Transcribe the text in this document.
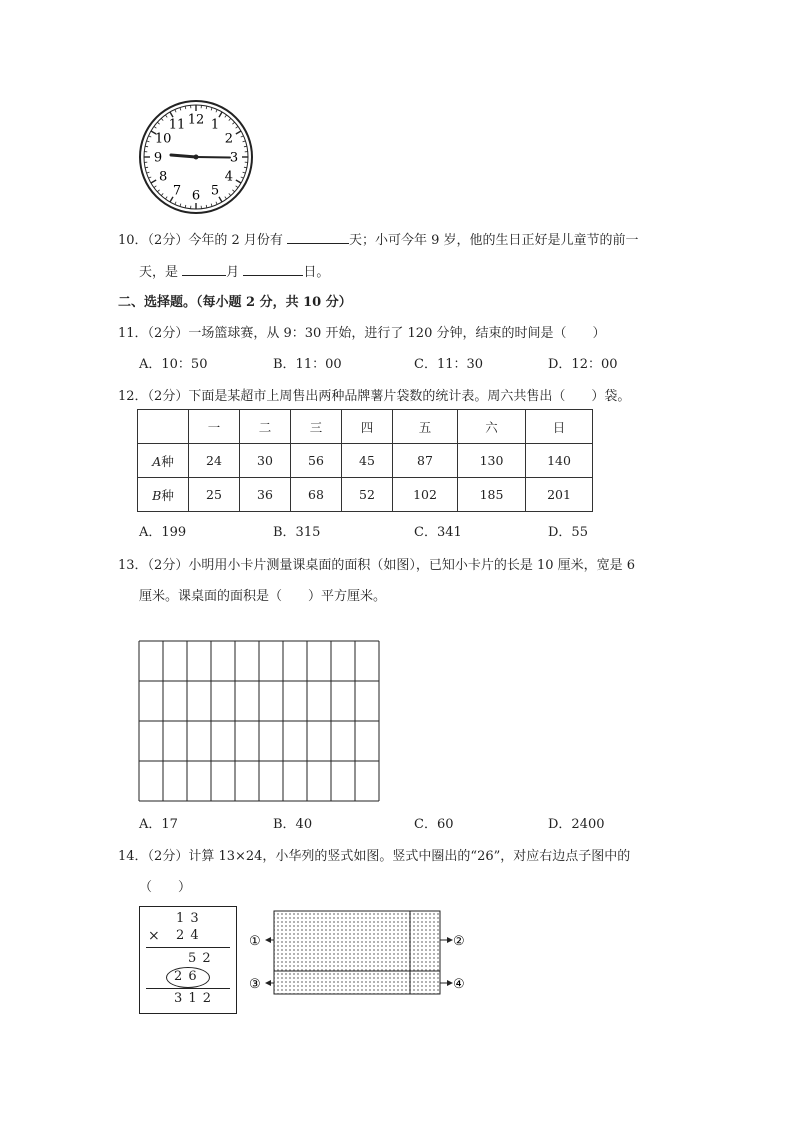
12 1
2
3
4
5
6
7
8
9
10
11
10．（2分）今年的 2 月份有	天；小可今年 9 岁，他的生日正好是儿童节的前一
天，是	月	日。
二、选择题。（每小题 2 分，共 10 分）
11．（2分）一场篮球赛，从 9：30 开始，进行了 120 分钟，结束的时间是（　　）
A．10：50	B．11：00	C．11：30	D．12：00
12．（2分）下面是某超市上周售出两种品牌薯片袋数的统计表。周六共售出（　　）袋。
	一	二	三	四	五	六	日
A种	24	30	56	45	87	130	140
B种	25	36	68	52	102	185	201
A．199	B．315	C．341	D．55
13．（2分）小明用小卡片测量课桌面的面积（如图），已知小卡片的长是 10 厘米，宽是 6
厘米。课桌面的面积是（　　）平方厘米。
A．17	B．40	C．60	D．2400
14．（2分）计算 13×24，小华列的竖式如图。竖式中圈出的“26”，对应右边点子图中的
（　　）
1 3
× 2 4
5 2
2 6
3 1 2
①	②
③	④
